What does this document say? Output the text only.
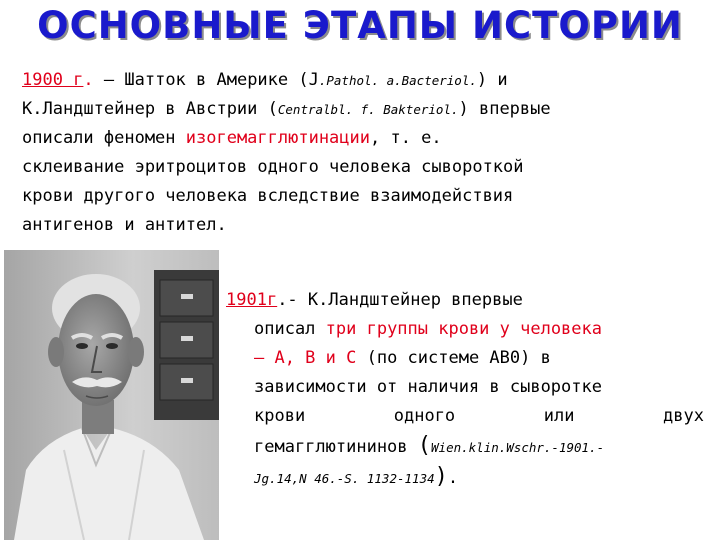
ОСНОВНЫЕ ЭТАПЫ ИСТОРИИ
1900 г. – Шатток в Америке (J.Pathol. a.Bacteriol.) и
К.Ландштейнер в Австрии (Centralbl. f. Bakteriol.) впервые
описали феномен изогемагглютинации, т. е.
склеивание эритроцитов одного человека сывороткой
крови другого человека вследствие взаимодействия
антигенов и антител.
1901г.- К.Ландштейнер впервые
описал три группы крови у человека
– А, В и С (по системе АВ0) в
зависимости от наличия в сыворотке
крови	одного	или	двух
гемагглютининов (Wien.klin.Wschr.-1901.-
Jg.14,N 46.-S. 1132-1134).
